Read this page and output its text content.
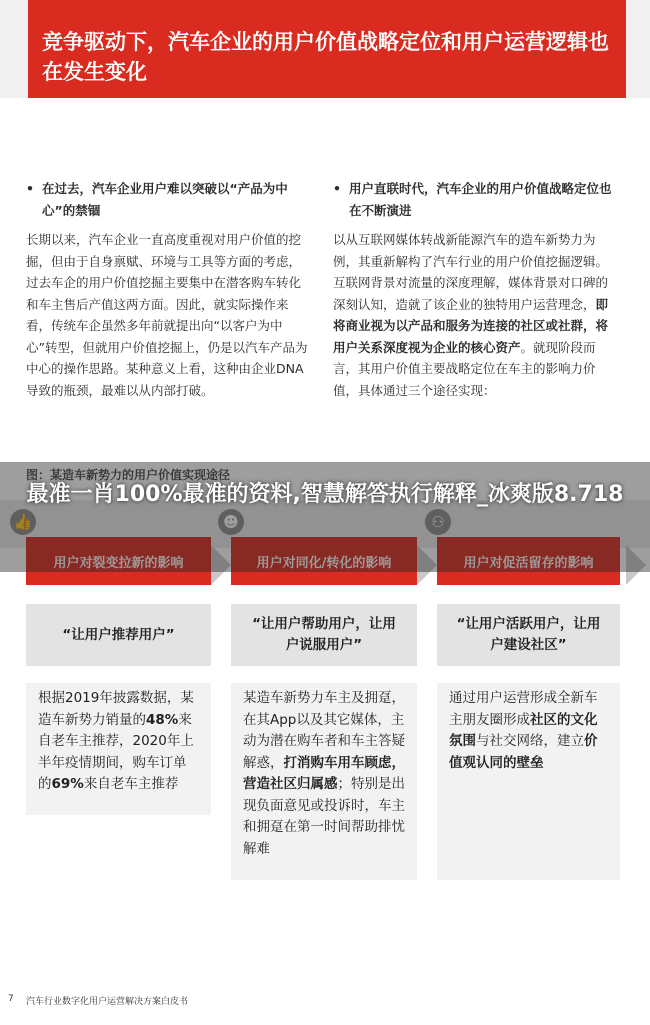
竞争驱动下，汽车企业的用户价值战略定位和用户运营逻辑也在发生变化
• 在过去，汽车企业用户难以突破以“产品为中心”的禁锢
长期以来，汽车企业一直高度重视对用户价值的挖掘，但由于自身禀赋、环境与工具等方面的考虑，过去车企的用户价值挖掘主要集中在潜客购车转化和车主售后产值这两方面。因此，就实际操作来看，传统车企虽然多年前就提出向“以客户为中心”转型，但就用户价值挖掘上，仍是以汽车产品为中心的操作思路。某种意义上看，这种由企业DNA导致的瓶颈，最难以从内部打破。
• 用户直联时代，汽车企业的用户价值战略定位也在不断演进
以从互联网媒体转战新能源汽车的造车新势力为例，其重新解构了汽车行业的用户价值挖掘逻辑。互联网背景对流量的深度理解，媒体背景对口碑的深刻认知，造就了该企业的独特用户运营理念，即将商业视为以产品和服务为连接的社区或社群，将用户关系深度视为企业的核心资产。就现阶段而言，其用户价值主要战略定位在车主的影响力价值，具体通过三个途径实现：
图：某造车新势力的用户价值实现途径
👍	☻	⚇
用户对裂变拉新的影响	用户对同化/转化的影响	用户对促活留存的影响
最准一肖100%最准的资料,智慧解答执行解释_冰爽版8.718
“让用户推荐用户”
“让用户帮助用户，让用户说服用户”
“让用户活跃用户，让用户建设社区”
根据2019年披露数据，某造车新势力销量的48%来自老车主推荐，2020年上半年疫情期间，购车订单的69%来自老车主推荐
某造车新势力车主及拥趸，在其App以及其它媒体，主动为潜在购车者和车主答疑解惑，打消购车用车顾虑，营造社区归属感；特别是出现负面意见或投诉时，车主和拥趸在第一时间帮助排忧解难
通过用户运营形成全新车主朋友圈形成社区的文化氛围与社交网络，建立价值观认同的壁垒
7 汽车行业数字化用户运营解决方案白皮书
